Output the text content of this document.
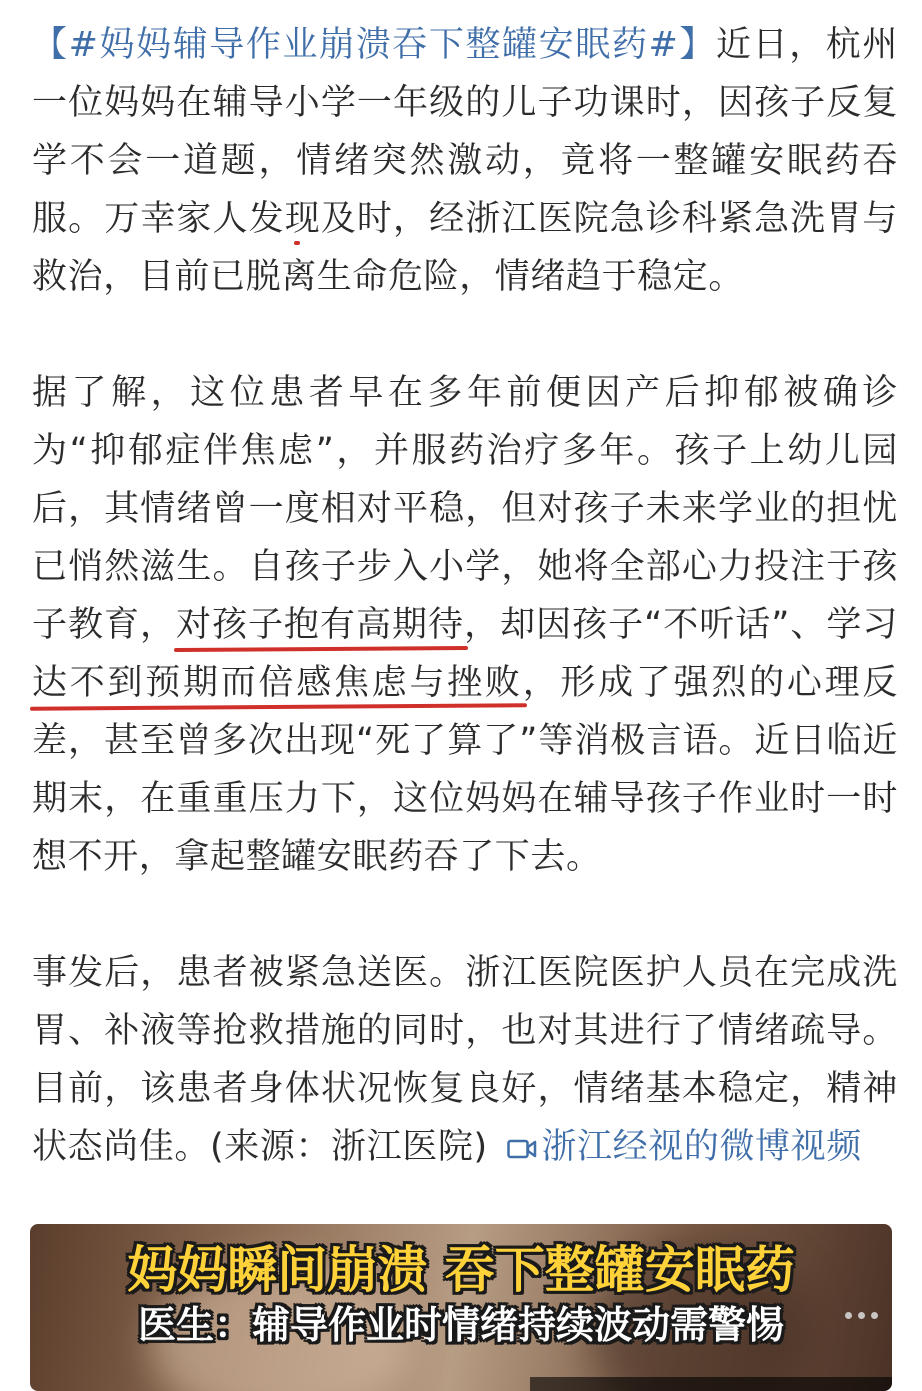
【#妈妈辅导作业崩溃吞下整罐安眠药#】近日，杭州一位妈妈在辅导小学一年级的儿子功课时，因孩子反复学不会一道题，情绪突然激动，竟将一整罐安眠药吞服。万幸家人发现及时，经浙江医院急诊科紧急洗胃与救治，目前已脱离生命危险，情绪趋于稳定。

据了解，这位患者早在多年前便因产后抑郁被确诊为“抑郁症伴焦虑”，并服药治疗多年。孩子上幼儿园后，其情绪曾一度相对平稳，但对孩子未来学业的担忧已悄然滋生。自孩子步入小学，她将全部心力投注于孩子教育，对孩子抱有高期待，却因孩子“不听话”、学习达不到预期而倍感焦虑与挫败，形成了强烈的心理反差，甚至曾多次出现“死了算了”等消极言语。近日临近期末，在重重压力下，这位妈妈在辅导孩子作业时一时想不开，拿起整罐安眠药吞了下去。

事发后，患者被紧急送医。浙江医院医护人员在完成洗胃、补液等抢救措施的同时，也对其进行了情绪疏导。目前，该患者身体状况恢复良好，情绪基本稳定，精神状态尚佳。(来源：浙江医院) 浙江经视的微博视频

妈妈瞬间崩溃 吞下整罐安眠药
医生：辅导作业时情绪持续波动需警惕
